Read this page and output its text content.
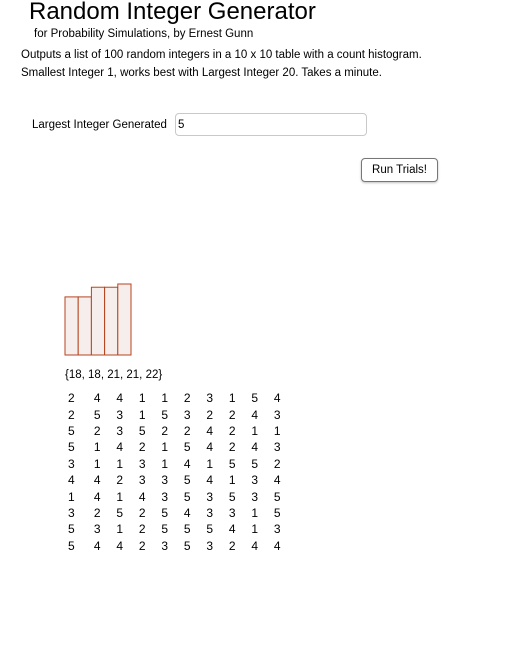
Random Integer Generator
for Probability Simulations, by Ernest Gunn
Outputs a list of 100 random integers in a 10 x 10 table with a count histogram.
Smallest Integer 1, works best with Largest Integer 20. Takes a minute.
Largest Integer Generated
5
Run Trials!
{18, 18, 21, 21, 22}
2	4	4	1	1	2	3	1	5	4
2	5	3	1	5	3	2	2	4	3
5	2	3	5	2	2	4	2	1	1
5	1	4	2	1	5	4	2	4	3
3	1	1	3	1	4	1	5	5	2
4	4	2	3	3	5	4	1	3	4
1	4	1	4	3	5	3	5	3	5
3	2	5	2	5	4	3	3	1	5
5	3	1	2	5	5	5	4	1	3
5	4	4	2	3	5	3	2	4	4
